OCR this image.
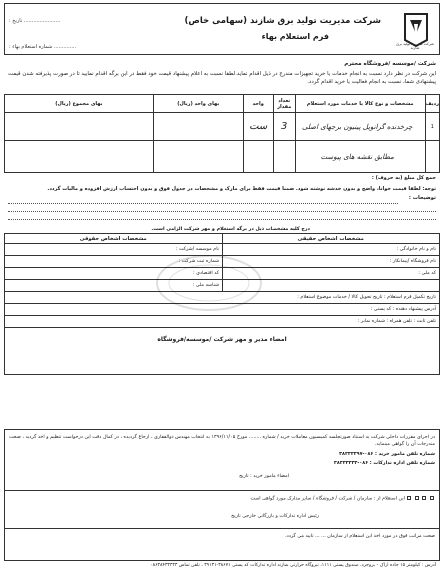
شرکت مدیریت تولید برق شازند
شرکت مدیریت تولید برق شازند (سهامی خاص)
فرم استعلام بهاء
....................... تاریخ :
.............. شماره استعلام بهاء :
شرکت /موسسه /فروشگاه محترم
این شرکت در نظر دارد نسبت به انجام خدمات یا خرید تجهیزات مندرج در ذیل اقدام نماید.لطفا نسبت به اعلام پیشنهاد قیمت خود فقط در این برگه اقدام نمایید تا در صورت پذیرفته شدن قیمت پیشنهادی شما، نسبت به انجام فعالیت یا خرید اقدام گردد.
ردیف	مشخصات و نوع کالا یا خدمات مورد استعلام	تعداد مقدار	واحد	بهای واحد (ریال)	بهای مجموع (ریال)
1	چرخدنده گرانویل پینیون برجهای اصلی	3	ست		
	مطابق نقشه های پیوست				
جمع کل مبلغ (به حروف) :
توجه: لطفا قیمت خوانا، واضح و بدون خدشه نوشته شود. ضمنا قیمت فقط برای مارک و مشخصات در جدول فوق و بدون احتساب ارزش افزوده و مالیات گردد.
توضیحات :
درج کلیه مشخصات ذیل در برگه استعلام و مهر شرکت الزامی است.
مشخصات اشخاص حقیقی
مشخصات اشخاص حقوقی
نام و نام خانوادگی :
نام موسسه /شرکت :
نام فروشگاه /پیمانکار :
شماره ثبت شرکت :
کد ملی :
کد اقتصادی :
شناسه ملی :
تاریخ تکمیل فرم استعلام : تاریخ تحویل کالا / خدمات موضوع استعلام :
آدرس پیشنهاد دهنده : کد پستی :
تلفن ثابت : تلفن همراه : شماره نمابر :
امضاء مدیر و مهر شرکت /موسسه/فروشگاه
در اجرای مقررات داخلی شرکت به استناد صورتجلسه کمیسیون معاملات خرید / شماره ........ مورخ ۱۳۹۶/۱۱/۰۵ به انتخاب مهندس ذوالفقاری ، ارجاع گردیده ، در کمال دقت این درخواست تنظیم و اخذ گردید ، صحت مندرجات آن را گواهی مینماید.
شماره تلفن مامور خرید : ۰۸۶-۳۸۴۳۳۳۹۷
شماره تلفن اداره تدارکات : ۰۸۶-۳۸۴۳۳۳۳۳
امضاء مامور خرید : تاریخ
این استعلام از : سازمان / شرکت / فروشگاه / سایر مدارک مورد گواهی است
رئیس اداره تدارکات و بازرگانی خارجی تاریخ
صحت مراتب فوق در مورد اخذ این استعلام از سازمان ... ... تایید می گردد.
آدرس : کیلومتر ۱۵ جاده اراک - بروجرد، صندوق پستی ۱۱۱۱، نیروگاه حرارتی شازند اداره تدارکات کد پستی ۳۸۶۷۱-۳۹۱۳۱ ، تلفن تماس ۰۸۶۳۸۴۳۳۳۳۳
